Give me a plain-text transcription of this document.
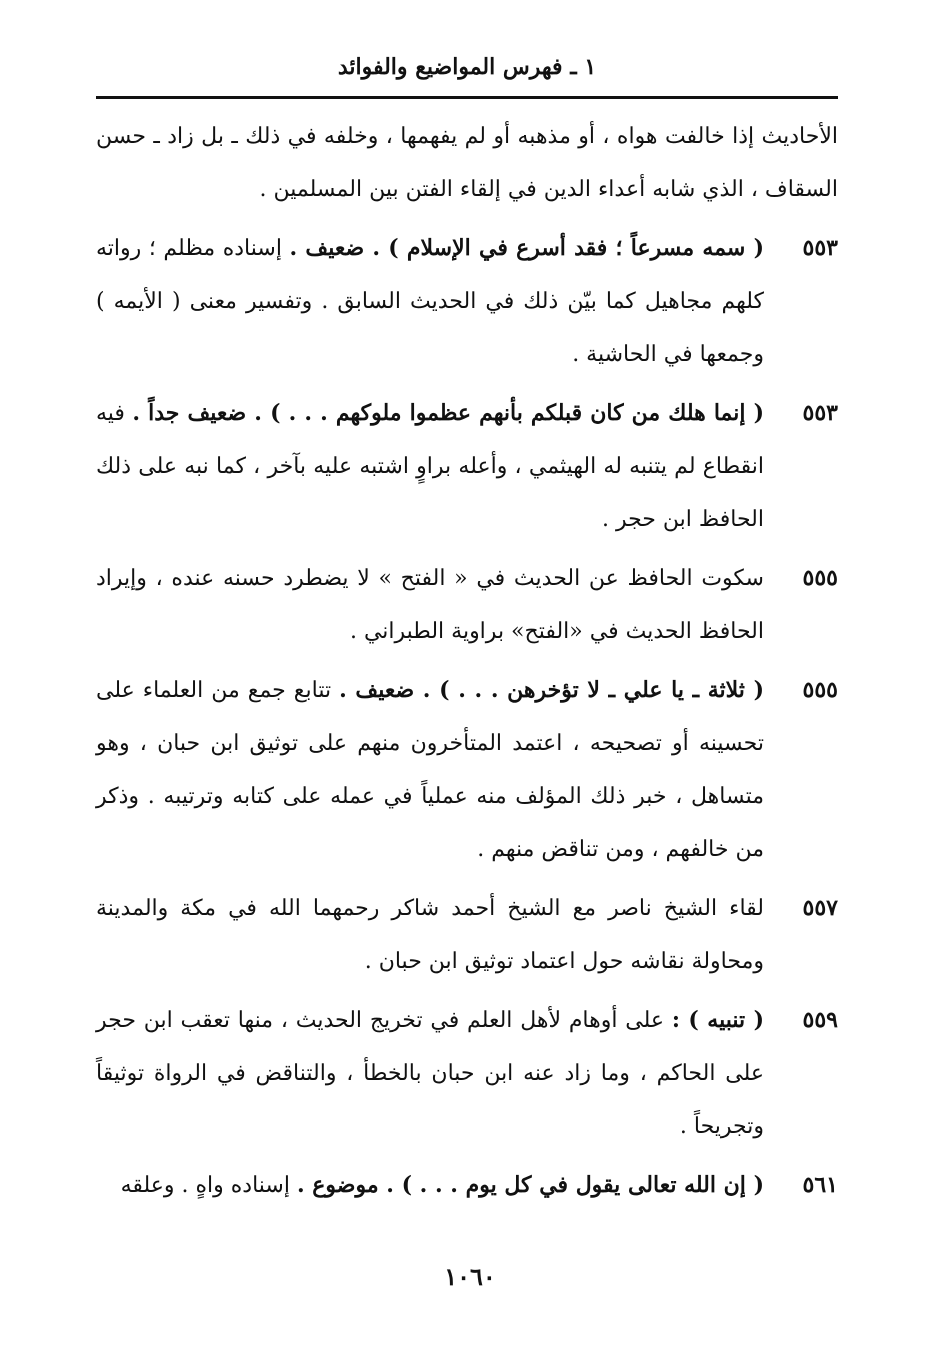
١ ـ فهرس المواضيع والفوائد
الأحاديث إذا خالفت هواه ، أو مذهبه أو لم يفهمها ، وخلفه في ذلك ـ بل زاد ـ حسن السقاف ، الذي شابه أعداء الدين في إلقاء الفتن بين المسلمين .
٥٥٣
( سمه مسرعاً ؛ فقد أسرع في الإسلام ) . ضعيف . إسناده مظلم ؛ رواته كلهم مجاهيل كما بيّن ذلك في الحديث السابق . وتفسير معنى ( الأيمه ) وجمعها في الحاشية .
٥٥٣
( إنما هلك من كان قبلكم بأنهم عظموا ملوكهم . . . ) . ضعيف جداً . فيه انقطاع لم يتنبه له الهيثمي ، وأعله براوٍ اشتبه عليه بآخر ، كما نبه على ذلك الحافظ ابن حجر .
٥٥٥
سكوت الحافظ عن الحديث في « الفتح » لا يضطرد حسنه عنده ، وإيراد الحافظ الحديث في «الفتح» براوية الطبراني .
٥٥٥
( ثلاثة ـ يا علي ـ لا تؤخرهن . . . ) . ضعيف . تتابع جمع من العلماء على تحسينه أو تصحيحه ، اعتمد المتأخرون منهم على توثيق ابن حبان ، وهو متساهل ، خبر ذلك المؤلف منه عملياً في عمله على كتابه وترتيبه . وذكر من خالفهم ، ومن تناقض منهم .
٥٥٧
لقاء الشيخ ناصر مع الشيخ أحمد شاكر رحمهما الله في مكة والمدينة ومحاولة نقاشه حول اعتماد توثيق ابن حبان .
٥٥٩
( تنبيه ) : على أوهام لأهل العلم في تخريج الحديث ، منها تعقب ابن حجر على الحاكم ، وما زاد عنه ابن حبان بالخطأ ، والتناقض في الرواة توثيقاً وتجريحاً .
٥٦١
( إن الله تعالى يقول في كل يوم . . . ) . موضوع . إسناده واهٍ . وعلقه
١٠٦٠
